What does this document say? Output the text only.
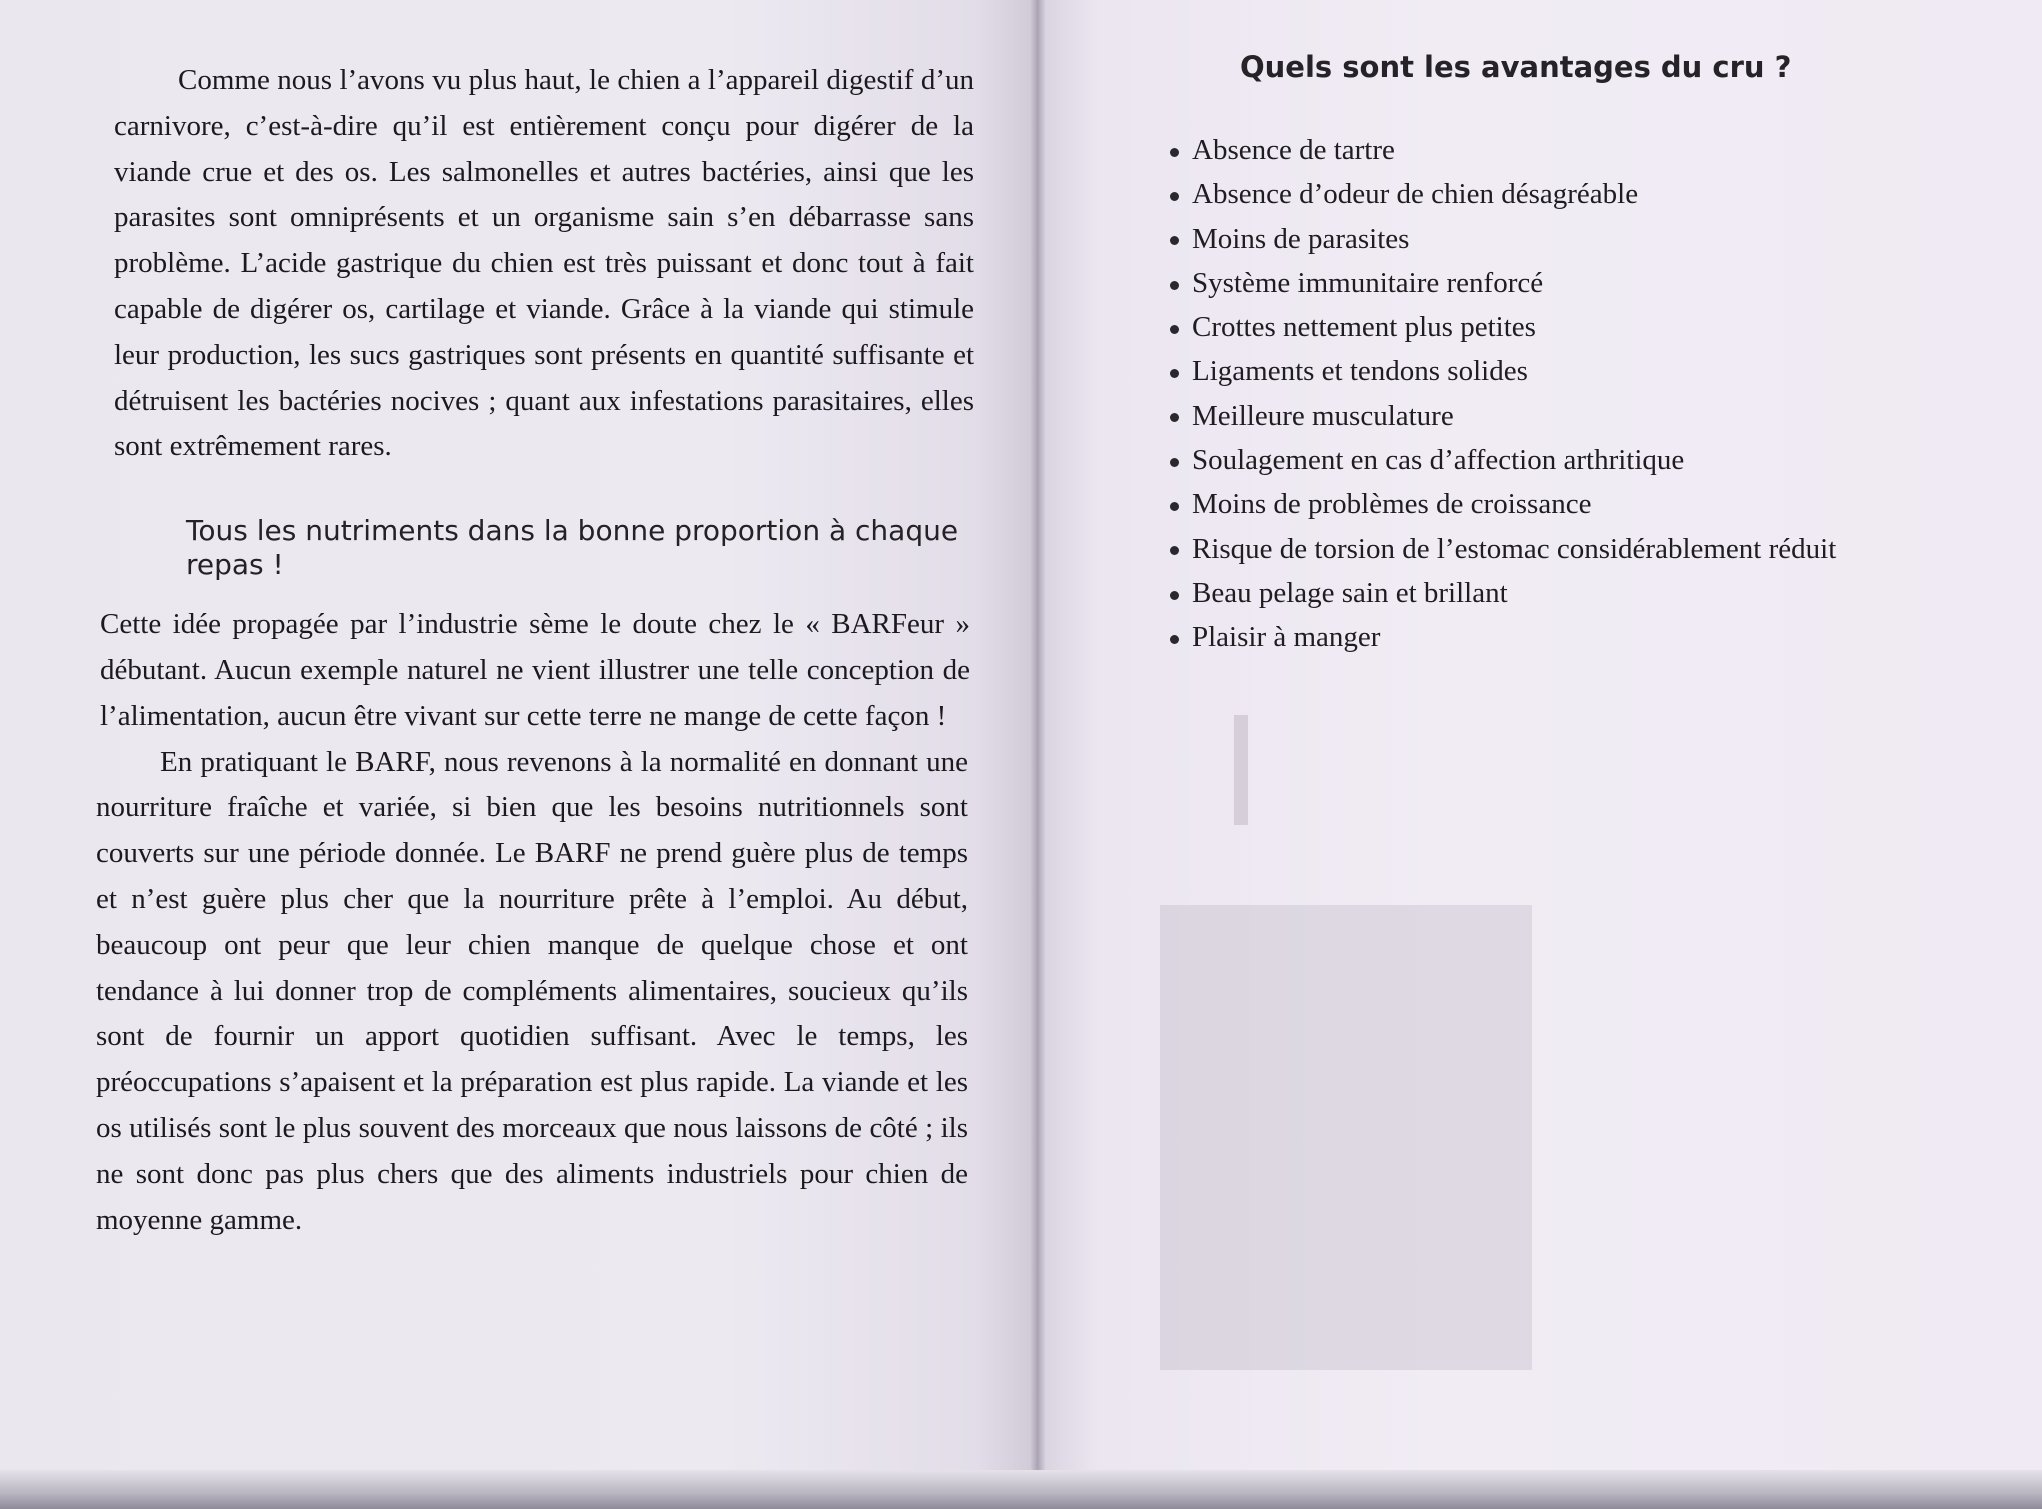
Comme nous l’avons vu plus haut, le chien a l’appareil digestif d’un carnivore, c’est-à-dire qu’il est entièrement conçu pour digérer de la viande crue et des os. Les salmonelles et autres bactéries, ainsi que les parasites sont omniprésents et un organisme sain s’en débarrasse sans problème. L’acide gastrique du chien est très puissant et donc tout à fait capable de digérer os, cartilage et viande. Grâce à la viande qui stimule leur production, les sucs gastriques sont présents en quantité suffisante et détruisent les bactéries nocives ; quant aux infestations parasitaires, elles sont extrêmement rares.

Tous les nutriments dans la bonne proportion à chaque repas !

Cette idée propagée par l’industrie sème le doute chez le « BARFeur » débutant. Aucun exemple naturel ne vient illustrer une telle conception de l’alimentation, aucun être vivant sur cette terre ne mange de cette façon !

En pratiquant le BARF, nous revenons à la normalité en donnant une nourriture fraîche et variée, si bien que les besoins nutritionnels sont couverts sur une période donnée. Le BARF ne prend guère plus de temps et n’est guère plus cher que la nourriture prête à l’emploi. Au début, beaucoup ont peur que leur chien manque de quelque chose et ont tendance à lui donner trop de compléments alimentaires, soucieux qu’ils sont de fournir un apport quotidien suffisant. Avec le temps, les préoccupations s’apaisent et la préparation est plus rapide. La viande et les os utilisés sont le plus souvent des morceaux que nous laissons de côté ; ils ne sont donc pas plus chers que des aliments industriels pour chien de moyenne gamme.

Quels sont les avantages du cru ?
Absence de tartre
Absence d’odeur de chien désagréable
Moins de parasites
Système immunitaire renforcé
Crottes nettement plus petites
Ligaments et tendons solides
Meilleure musculature
Soulagement en cas d’affection arthritique
Moins de problèmes de croissance
Risque de torsion de l’estomac considérablement réduit
Beau pelage sain et brillant
Plaisir à manger
